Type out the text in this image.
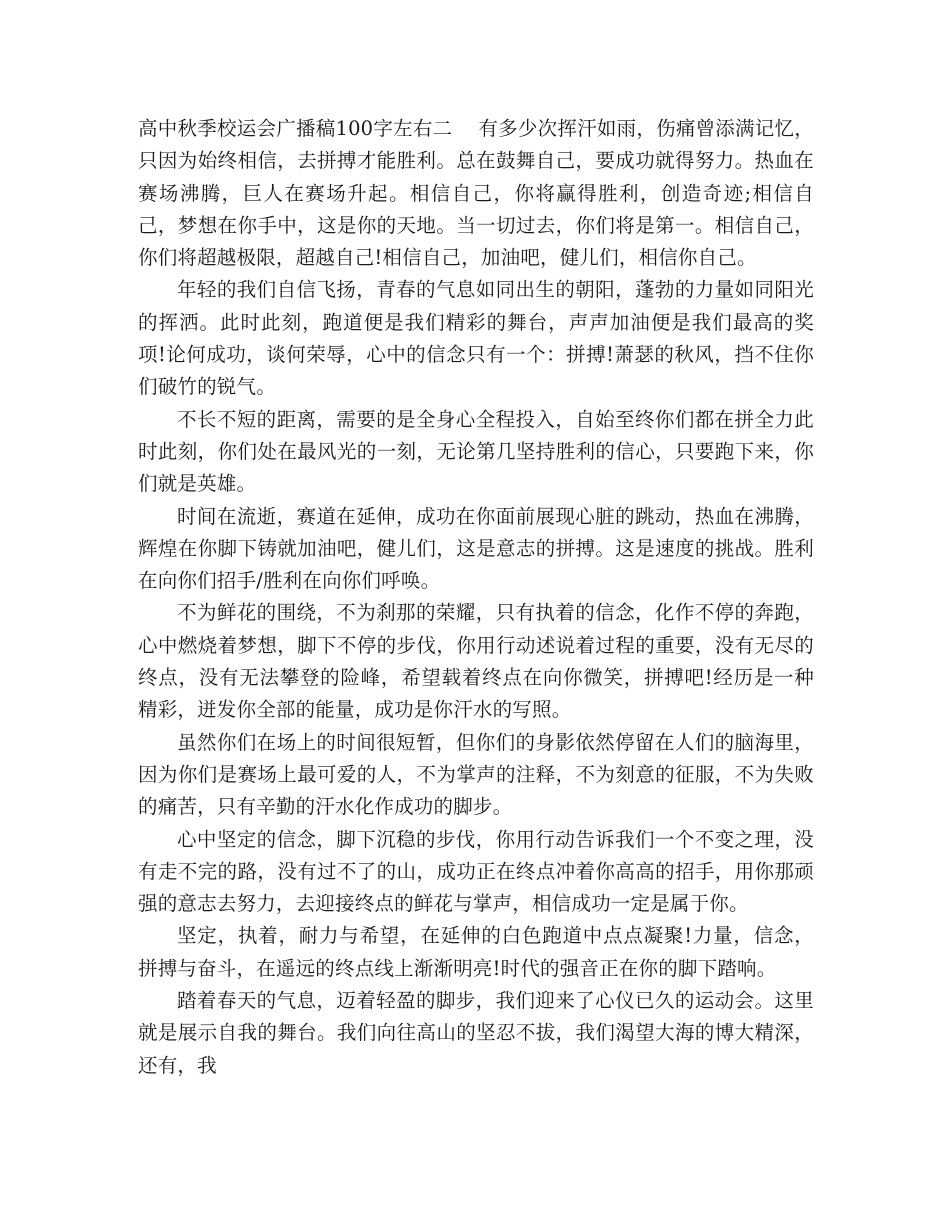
高中秋季校运会广播稿100字左右二 有多少次挥汗如雨，伤痛曾添满记忆，只因为始终相信，去拼搏才能胜利。总在鼓舞自己，要成功就得努力。热血在赛场沸腾，巨人在赛场升起。相信自己，你将赢得胜利，创造奇迹;相信自己，梦想在你手中，这是你的天地。当一切过去，你们将是第一。相信自己，你们将超越极限，超越自己!相信自己，加油吧，健儿们，相信你自己。

年轻的我们自信飞扬，青春的气息如同出生的朝阳，蓬勃的力量如同阳光的挥洒。此时此刻，跑道便是我们精彩的舞台，声声加油便是我们最高的奖项!论何成功，谈何荣辱，心中的信念只有一个：拼搏!萧瑟的秋风，挡不住你们破竹的锐气。

不长不短的距离，需要的是全身心全程投入，自始至终你们都在拼全力此时此刻，你们处在最风光的一刻，无论第几坚持胜利的信心，只要跑下来，你们就是英雄。

时间在流逝，赛道在延伸，成功在你面前展现心脏的跳动，热血在沸腾，辉煌在你脚下铸就加油吧，健儿们，这是意志的拼搏。这是速度的挑战。胜利在向你们招手/胜利在向你们呼唤。

不为鲜花的围绕，不为刹那的荣耀，只有执着的信念，化作不停的奔跑，心中燃烧着梦想，脚下不停的步伐，你用行动述说着过程的重要，没有无尽的终点，没有无法攀登的险峰，希望载着终点在向你微笑，拼搏吧!经历是一种精彩，迸发你全部的能量，成功是你汗水的写照。

虽然你们在场上的时间很短暂，但你们的身影依然停留在人们的脑海里，因为你们是赛场上最可爱的人，不为掌声的注释，不为刻意的征服，不为失败的痛苦，只有辛勤的汗水化作成功的脚步。

心中坚定的信念，脚下沉稳的步伐，你用行动告诉我们一个不变之理，没有走不完的路，没有过不了的山，成功正在终点冲着你高高的招手，用你那顽强的意志去努力，去迎接终点的鲜花与掌声，相信成功一定是属于你。

坚定，执着，耐力与希望，在延伸的白色跑道中点点凝聚!力量，信念，拼搏与奋斗，在遥远的终点线上渐渐明亮!时代的强音正在你的脚下踏响。

踏着春天的气息，迈着轻盈的脚步，我们迎来了心仪已久的运动会。这里就是展示自我的舞台。我们向往高山的坚忍不拔，我们渴望大海的博大精深，还有，我
